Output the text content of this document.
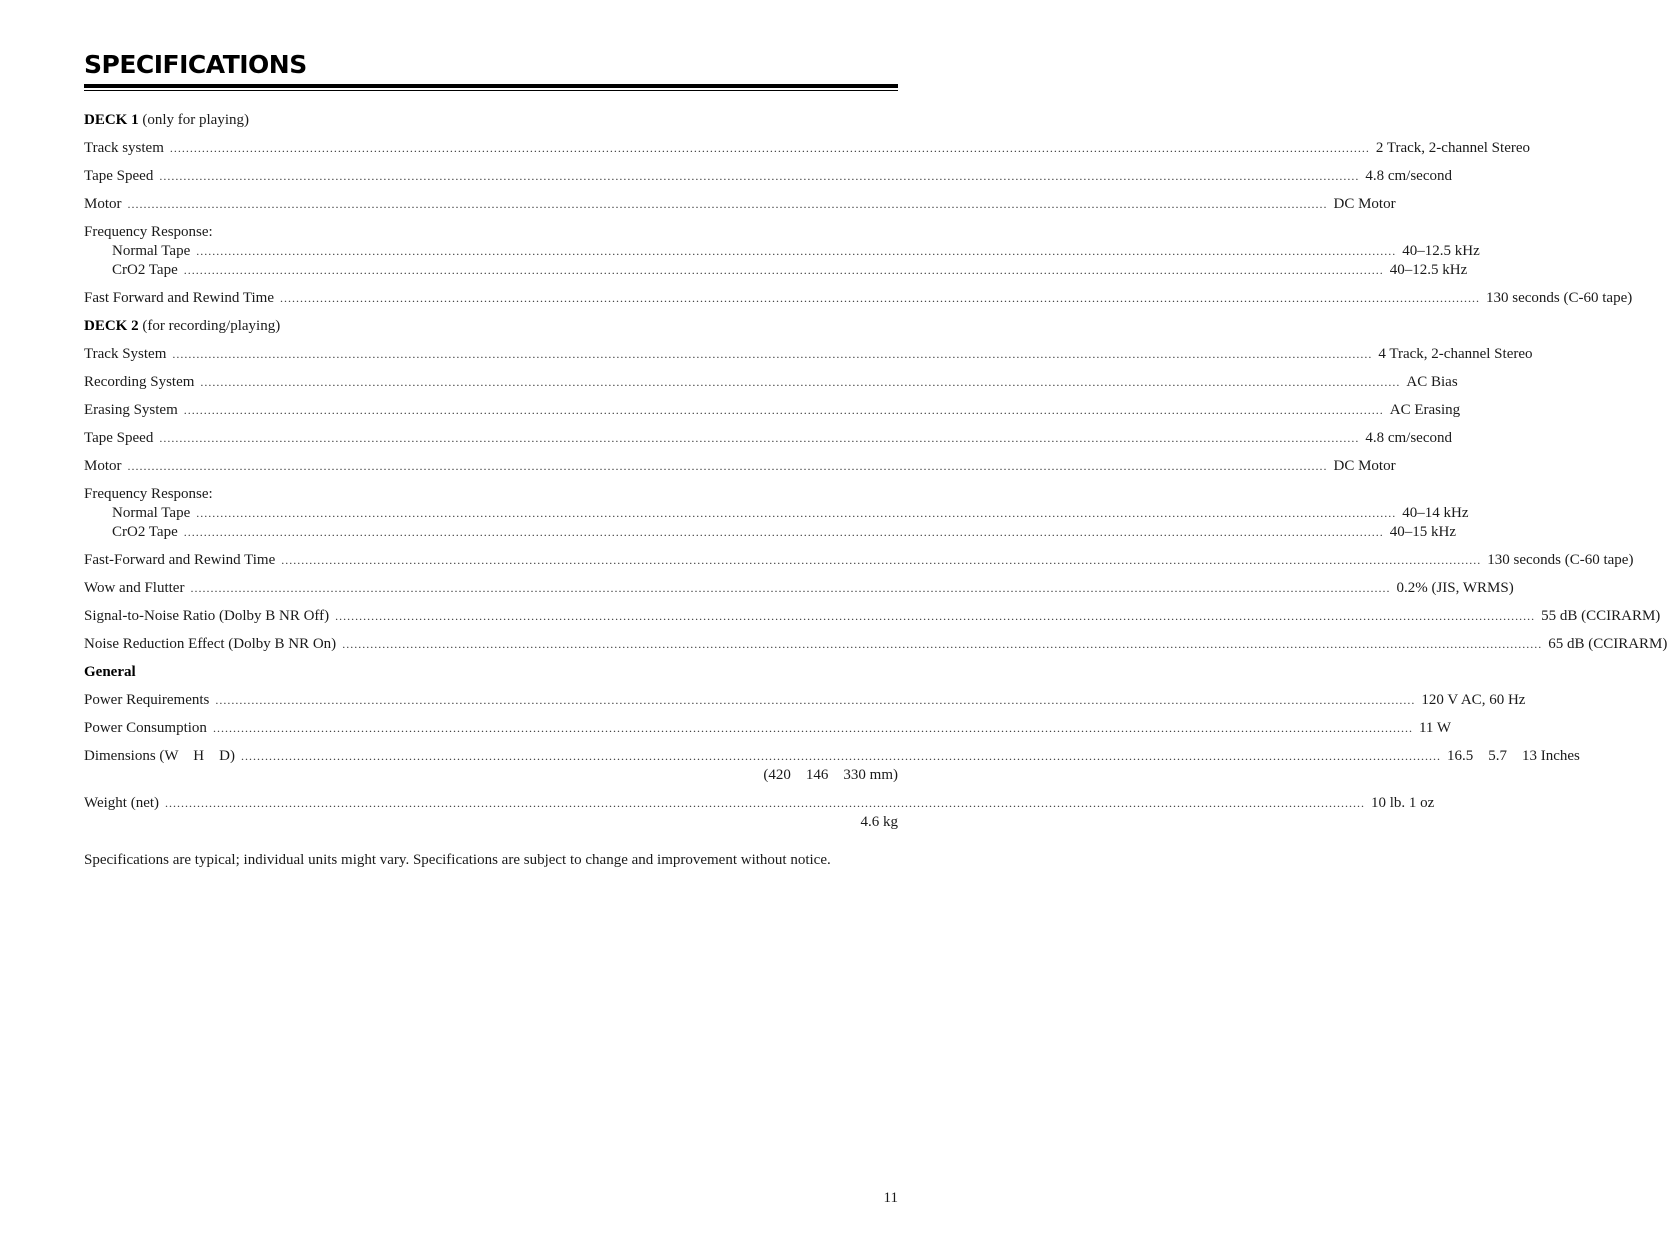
SPECIFICATIONS
DECK 1 (only for playing)
Track system ............................................................................................................................................................................................................................................................................................................ 2 Track, 2-channel Stereo
Tape Speed ............................................................................................................................................................................................................................................................................................................ 4.8 cm/second
Motor ............................................................................................................................................................................................................................................................................................................ DC Motor
Frequency Response:
Normal Tape ............................................................................................................................................................................................................................................................................................................ 40–12.5 kHz
CrO2 Tape ............................................................................................................................................................................................................................................................................................................ 40–12.5 kHz
Fast Forward and Rewind Time ............................................................................................................................................................................................................................................................................................................ 130 seconds (C-60 tape)
DECK 2 (for recording/playing)
Track System ............................................................................................................................................................................................................................................................................................................ 4 Track, 2-channel Stereo
Recording System ............................................................................................................................................................................................................................................................................................................ AC Bias
Erasing System ............................................................................................................................................................................................................................................................................................................ AC Erasing
Tape Speed ............................................................................................................................................................................................................................................................................................................ 4.8 cm/second
Motor ............................................................................................................................................................................................................................................................................................................ DC Motor
Frequency Response:
Normal Tape ............................................................................................................................................................................................................................................................................................................ 40–14 kHz
CrO2 Tape ............................................................................................................................................................................................................................................................................................................ 40–15 kHz
Fast-Forward and Rewind Time ............................................................................................................................................................................................................................................................................................................ 130 seconds (C-60 tape)
Wow and Flutter ............................................................................................................................................................................................................................................................................................................ 0.2% (JIS, WRMS)
Signal-to-Noise Ratio (Dolby B NR Off) ............................................................................................................................................................................................................................................................................................................ 55 dB (CCIRARM)
Noise Reduction Effect (Dolby B NR On) ............................................................................................................................................................................................................................................................................................................ 65 dB (CCIRARM)
General
Power Requirements ............................................................................................................................................................................................................................................................................................................ 120 V AC, 60 Hz
Power Consumption ............................................................................................................................................................................................................................................................................................................ 11 W
Dimensions (W    H    D) ............................................................................................................................................................................................................................................................................................................ 16.5    5.7    13 Inches
(420    146    330 mm)
Weight (net) ............................................................................................................................................................................................................................................................................................................ 10 lb. 1 oz
4.6 kg
Specifications are typical; individual units might vary. Specifications are subject to change and improvement without notice.
11
